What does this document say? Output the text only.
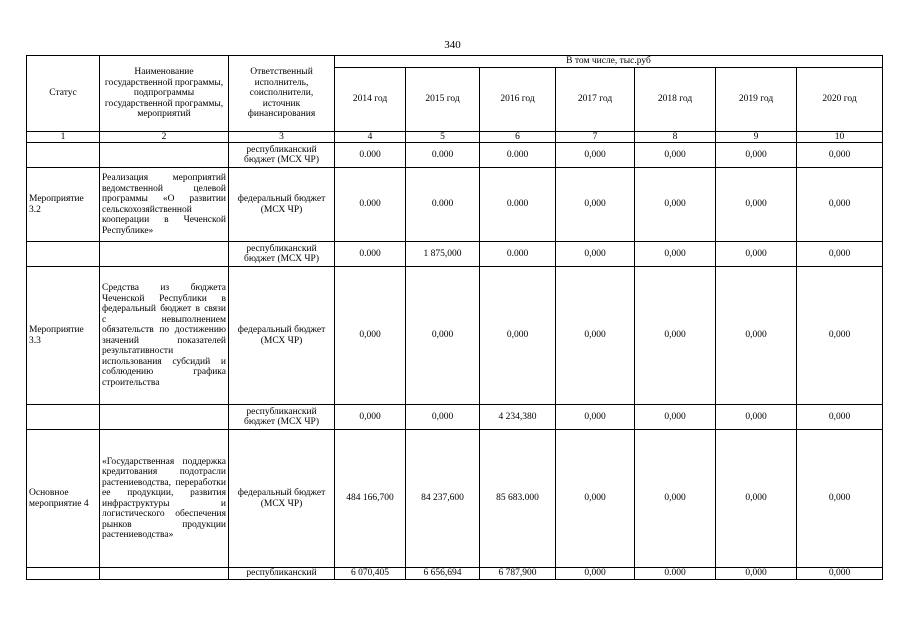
340
Статус	Наименование государственной программы, подпрограммы государственной программы, мероприятий	Ответственный исполнитель, соисполнители, источник финансирования	В том числе, тыс.руб						
			2014 год	2015 год	2016 год	2017 год	2018 год	2019 год	2020 год
1	2	3	4	5	6	7	8	9	10
		республиканский бюджет (МСХ ЧР)	0.000	0.000	0.000	0,000	0,000	0,000	0,000
Мероприятие 3.2	Реализация мероприятий ведомственной целевой программы «О развитии сельскохозяйственной кооперации в Чеченской Республике»	федеральный бюджет (МСХ ЧР)	0.000	0.000	0.000	0,000	0,000	0,000	0,000
		республиканский бюджет (МСХ ЧР)	0.000	1 875,000	0.000	0,000	0,000	0,000	0,000
Мероприятие 3.3	Средства из бюджета Чеченской Республики в федеральный бюджет в связи с невыполнением обязательств по достижению значений показателей результативности использования субсидий и соблюдению графика строительства	федеральный бюджет (МСХ ЧР)	0,000	0,000	0,000	0,000	0,000	0,000	0,000
		республиканский бюджет (МСХ ЧР)	0,000	0,000	4 234,380	0,000	0,000	0,000	0,000
Основное мероприятие 4	«Государственная поддержка кредитования подотрасли растениеводства, переработки ее продукции, развития инфраструктуры и логистического обеспечения рынков продукции растениеводства»	федеральный бюджет (МСХ ЧР)	484 166,700	84 237,600	85 683.000	0,000	0,000	0,000	0,000
		республиканский	6 070,405	6 656,694	6 787,900	0,000	0.000	0,000	0,000
